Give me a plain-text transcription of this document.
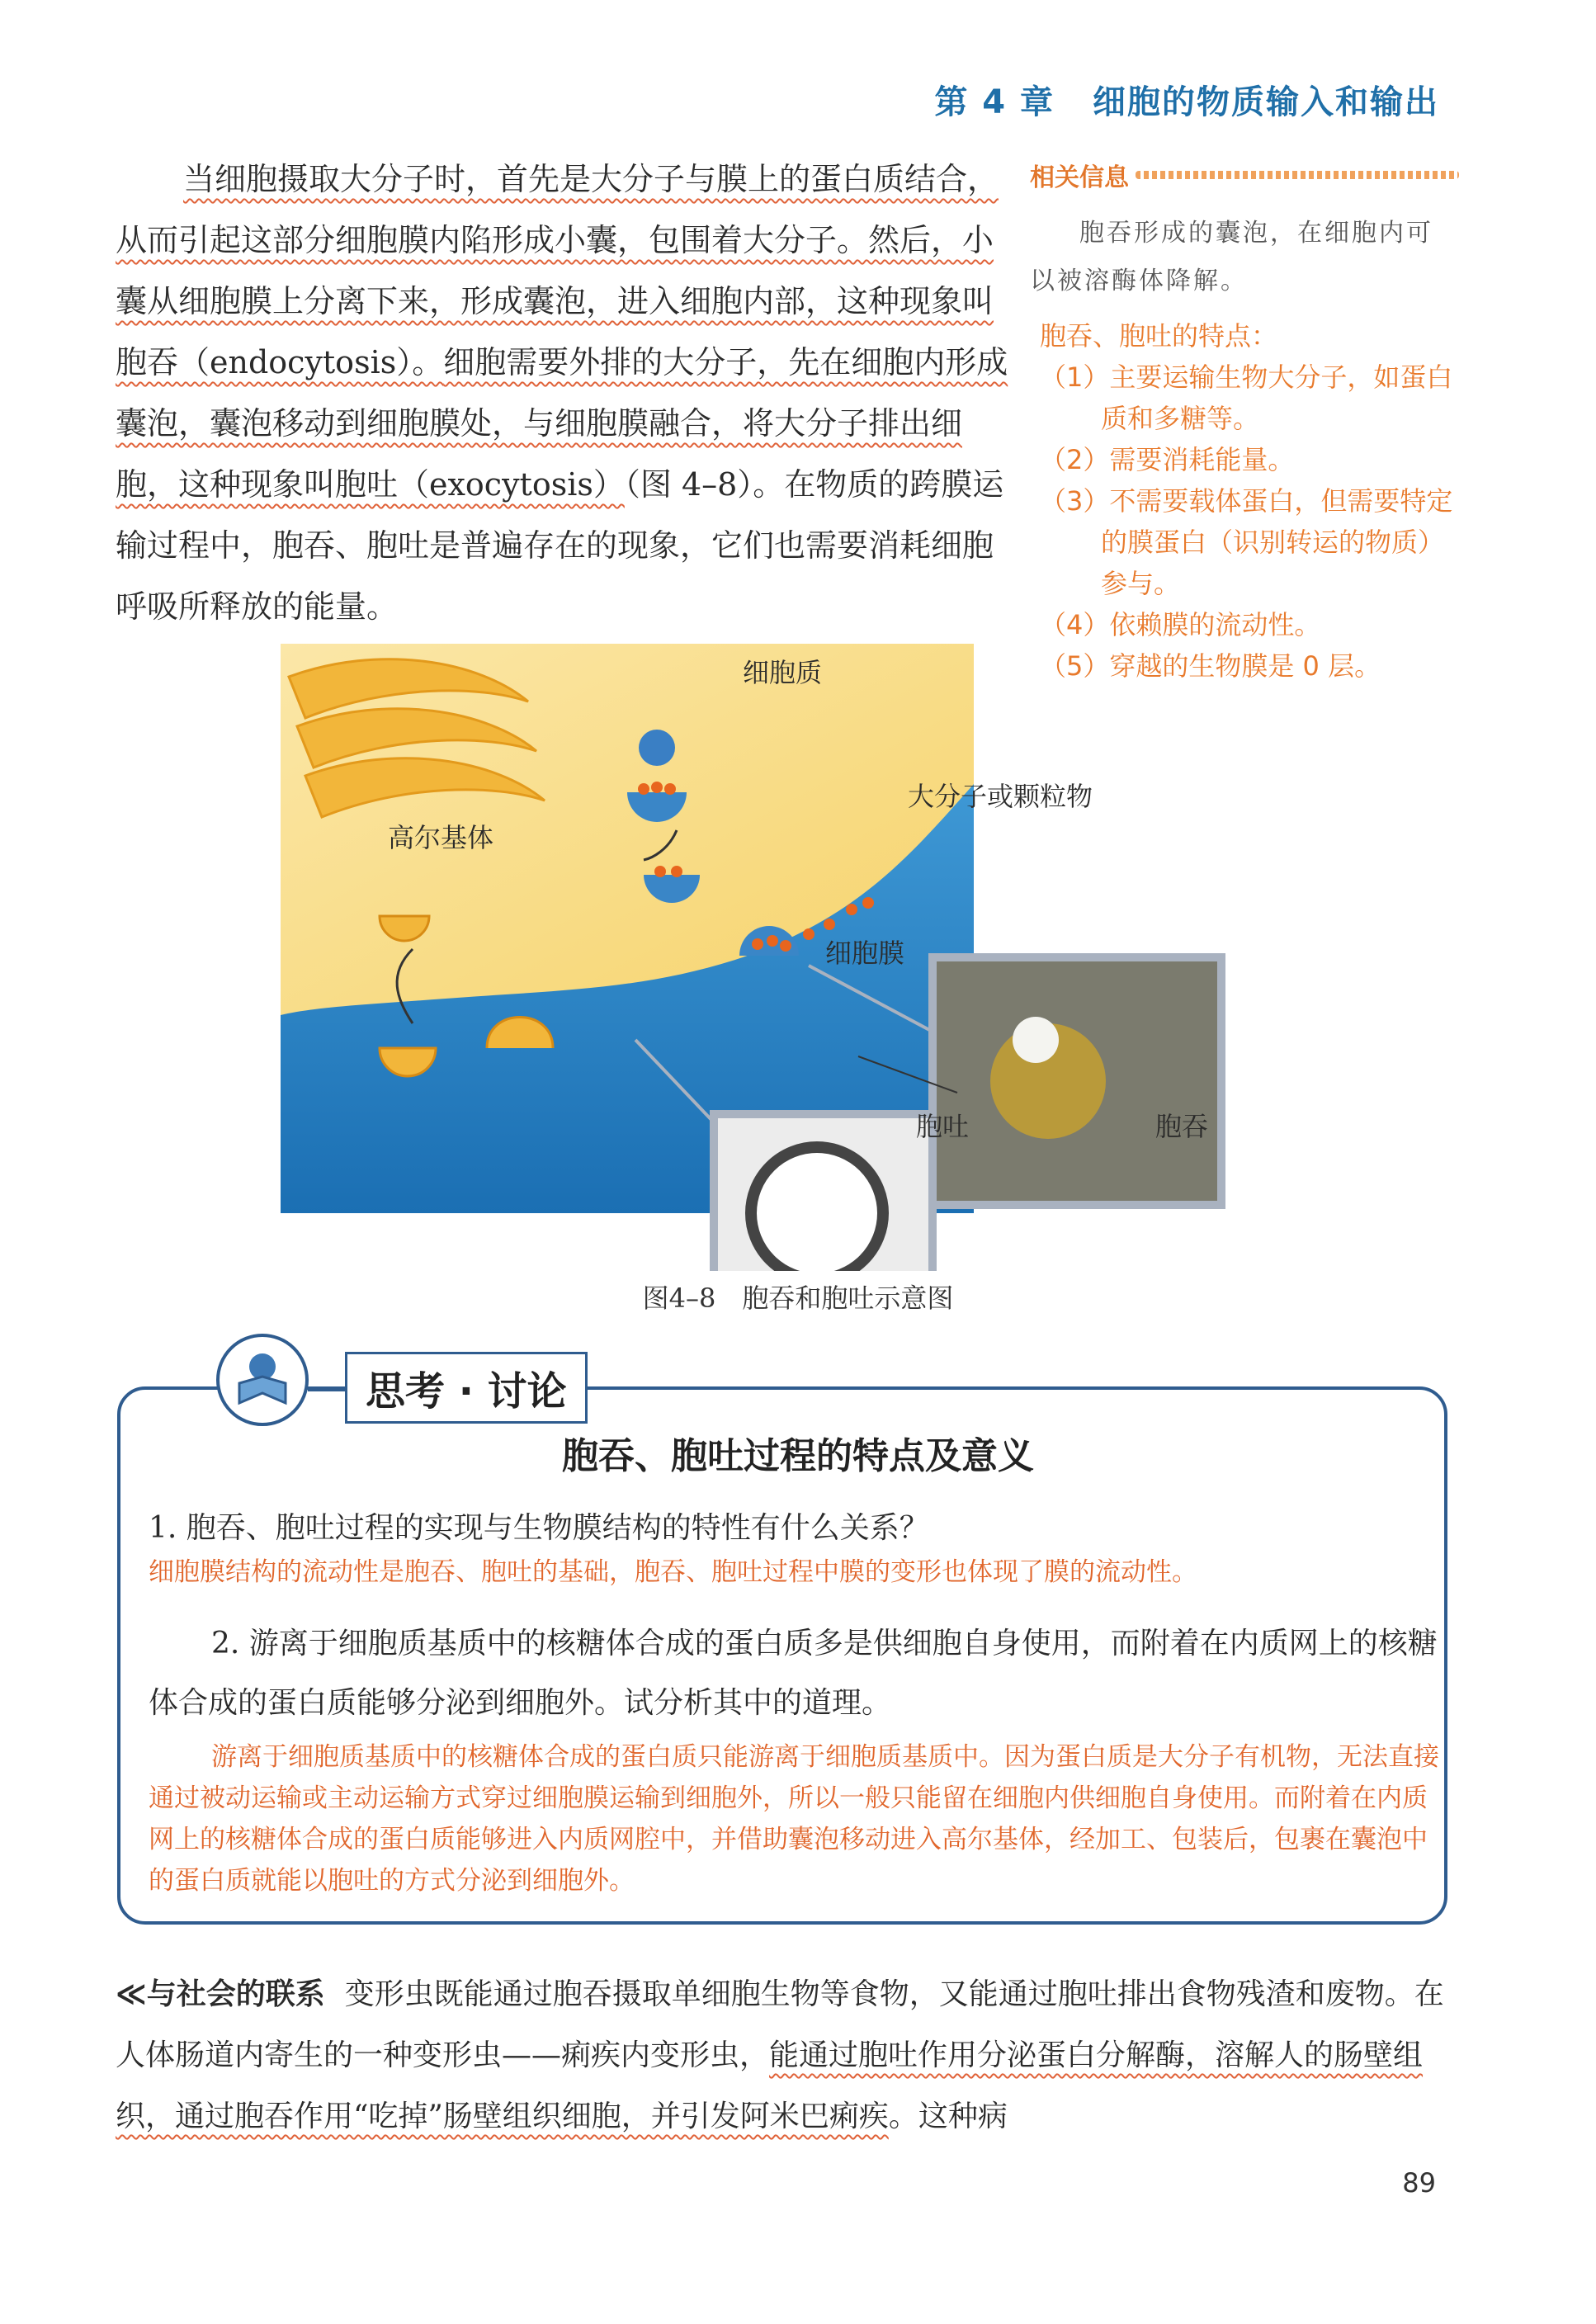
第 4 章 细胞的物质输入和输出

当细胞摄取大分子时，首先是大分子与膜上的蛋白质结合，从而引起这部分细胞膜内陷形成小囊，包围着大分子。然后，小囊从细胞膜上分离下来，形成囊泡，进入细胞内部，这种现象叫胞吞（endocytosis）。细胞需要外排的大分子，先在细胞内形成囊泡，囊泡移动到细胞膜处，与细胞膜融合，将大分子排出细胞，这种现象叫胞吐（exocytosis）（图 4–8）。在物质的跨膜运输过程中，胞吞、胞吐是普遍存在的现象，它们也需要消耗细胞呼吸所释放的能量。

相关信息
胞吞形成的囊泡，在细胞内可以被溶酶体降解。
胞吞、胞吐的特点：
（1）主要运输生物大分子，如蛋白质和多糖等。
（2）需要消耗能量。
（3）不需要载体蛋白，但需要特定的膜蛋白（识别转运的物质）参与。
（4）依赖膜的流动性。
（5）穿越的生物膜是 0 层。
细胞质
高尔基体
大分子或颗粒物
细胞膜
胞吐	胞吞
图4–8　胞吞和胞吐示意图
思考 · 讨论
胞吞、胞吐过程的特点及意义
1. 胞吞、胞吐过程的实现与生物膜结构的特性有什么关系？
细胞膜结构的流动性是胞吞、胞吐的基础，胞吞、胞吐过程中膜的变形也体现了膜的流动性。
2. 游离于细胞质基质中的核糖体合成的蛋白质多是供细胞自身使用，而附着在内质网上的核糖体合成的蛋白质能够分泌到细胞外。试分析其中的道理。
游离于细胞质基质中的核糖体合成的蛋白质只能游离于细胞质基质中。因为蛋白质是大分子有机物，无法直接通过被动运输或主动运输方式穿过细胞膜运输到细胞外，所以一般只能留在细胞内供细胞自身使用。而附着在内质网上的核糖体合成的蛋白质能够进入内质网腔中，并借助囊泡移动进入高尔基体，经加工、包装后，包裹在囊泡中的蛋白质就能以胞吐的方式分泌到细胞外。
≪与社会的联系 变形虫既能通过胞吞摄取单细胞生物等食物，又能通过胞吐排出食物残渣和废物。在人体肠道内寄生的一种变形虫——痢疾内变形虫，能通过胞吐作用分泌蛋白分解酶，溶解人的肠壁组织，通过胞吞作用“吃掉”肠壁组织细胞，并引发阿米巴痢疾。这种病
89
